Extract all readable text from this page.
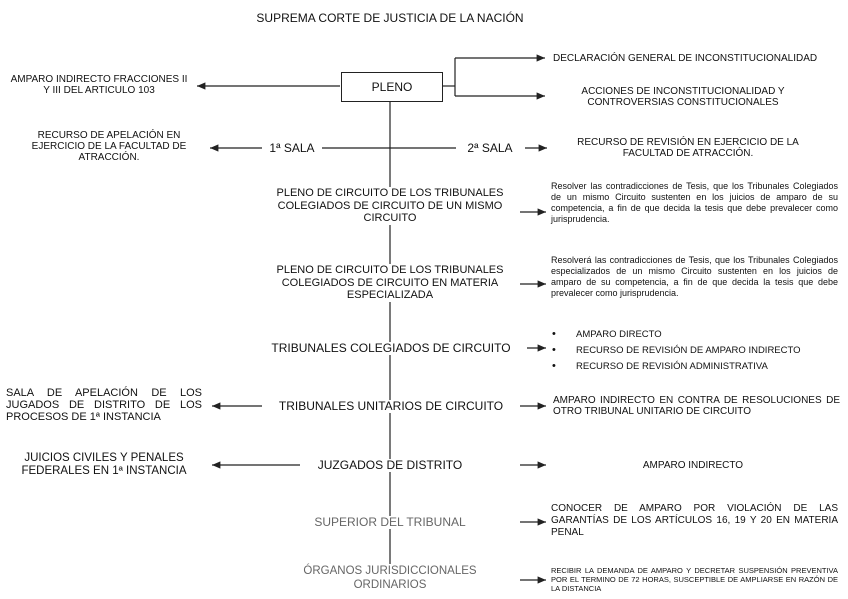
SUPREMA CORTE DE JUSTICIA DE LA NACIÓN
PLENO
AMPARO INDIRECTO FRACCIONES II Y III DEL ARTICULO 103
DECLARACIÓN GENERAL DE INCONSTITUCIONALIDAD
ACCIONES DE INCONSTITUCIONALIDAD Y CONTROVERSIAS CONSTITUCIONALES
1ª SALA	2ª SALA
RECURSO DE APELACIÓN EN EJERCICIO DE LA FACULTAD DE ATRACCIÓN.
RECURSO DE REVISIÓN EN EJERCICIO DE LA FACULTAD DE ATRACCIÓN.
PLENO DE CIRCUITO DE LOS TRIBUNALES COLEGIADOS DE CIRCUITO DE UN MISMO CIRCUITO
Resolver las contradicciones de Tesis, que los Tribunales Colegiados de un mismo Circuito sustenten en los juicios de amparo de su competencia, a fin de que decida la tesis que debe prevalecer como jurisprudencia.
PLENO DE CIRCUITO DE LOS TRIBUNALES COLEGIADOS DE CIRCUITO EN MATERIA ESPECIALIZADA
Resolverá las contradicciones de Tesis, que los Tribunales Colegiados especializados de un mismo Circuito sustenten en los juicios de amparo de su competencia, a fin de que decida la tesis que debe prevalecer como jurisprudencia.
TRIBUNALES COLEGIADOS DE CIRCUITO
• AMPARO DIRECTO
• RECURSO DE REVISIÓN DE AMPARO INDIRECTO
• RECURSO DE REVISIÓN ADMINISTRATIVA
TRIBUNALES UNITARIOS DE CIRCUITO
SALA DE APELACIÓN DE LOS JUGADOS DE DISTRITO DE LOS PROCESOS DE 1ª INSTANCIA
AMPARO INDIRECTO EN CONTRA DE RESOLUCIONES DE OTRO TRIBUNAL UNITARIO DE CIRCUITO
JUZGADOS DE DISTRITO
JUICIOS CIVILES Y PENALES FEDERALES EN 1ª INSTANCIA	AMPARO INDIRECTO
SUPERIOR DEL TRIBUNAL
CONOCER DE AMPARO POR VIOLACIÓN DE LAS GARANTÍAS DE LOS ARTÍCULOS 16, 19 Y 20 EN MATERIA PENAL
ÓRGANOS JURISDICCIONALES ORDINARIOS
RECIBIR LA DEMANDA DE AMPARO Y DECRETAR SUSPENSIÓN PREVENTIVA POR EL TERMINO DE 72 HORAS, SUSCEPTIBLE DE AMPLIARSE EN RAZÓN DE LA DISTANCIA
